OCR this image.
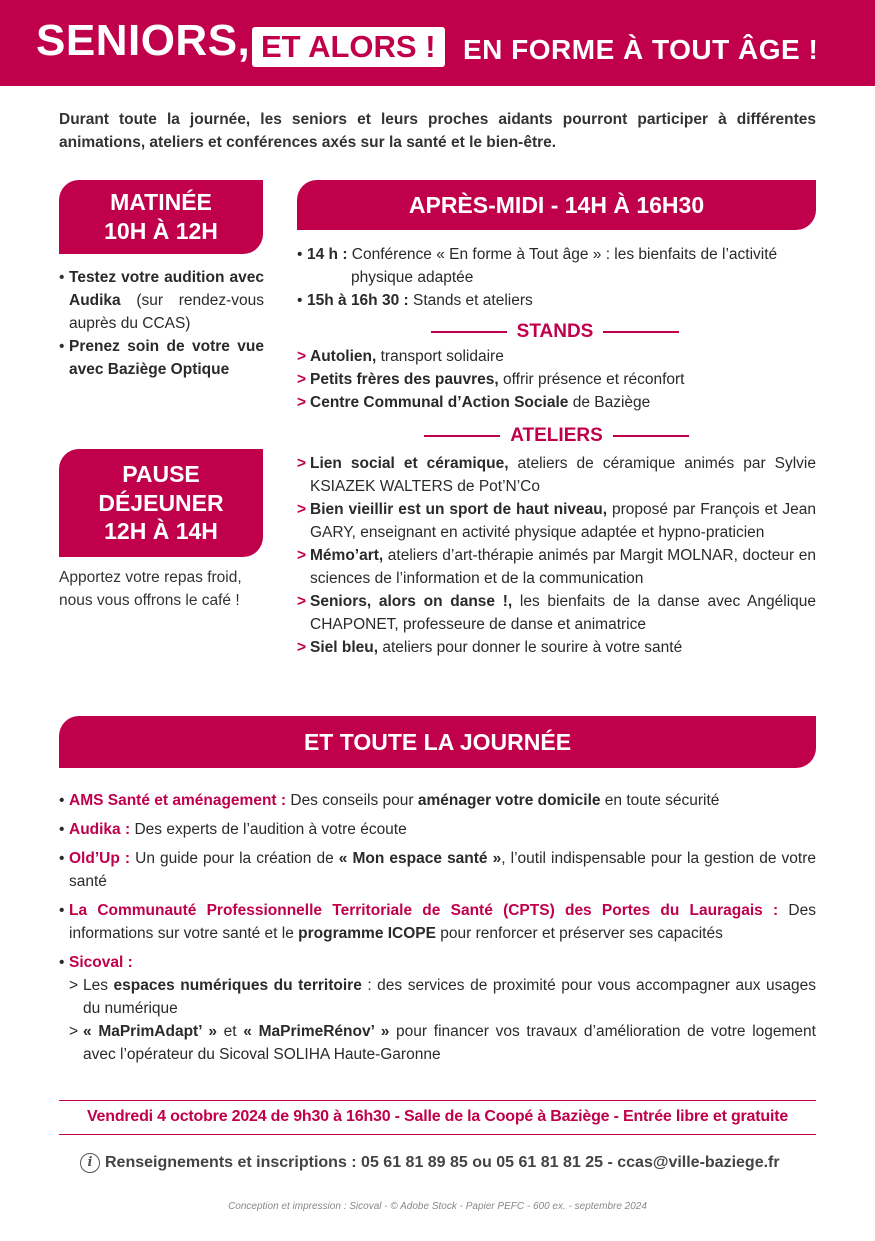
SENIORS, ET ALORS ! EN FORME À TOUT ÂGE !

Durant toute la journée, les seniors et leurs proches aidants pourront participer à différentes animations, ateliers et conférences axés sur la santé et le bien-être.

MATINÉE
10H À 12H
• Testez votre audition avec Audika (sur rendez-vous auprès du CCAS)
• Prenez soin de votre vue avec Baziège Optique
PAUSE
DÉJEUNER
12H À 14H

Apportez votre repas froid, nous vous offrons le café !

APRÈS-MIDI - 14H À 16H30
• 14 h : Conférence « En forme à Tout âge » : les bienfaits de l’activité physique adaptée
• 15h à 16h 30 : Stands et ateliers
STANDS
> Autolien, transport solidaire
> Petits frères des pauvres, offrir présence et réconfort
> Centre Communal d’Action Sociale de Baziège
ATELIERS
> Lien social et céramique, ateliers de céramique animés par Sylvie KSIAZEK WALTERS de Pot’N’Co
> Bien vieillir est un sport de haut niveau, proposé par François et Jean GARY, enseignant en activité physique adaptée et hypno-praticien
> Mémo’art, ateliers d’art-thérapie animés par Margit MOLNAR, docteur en sciences de l’information et de la communication
> Seniors, alors on danse !, les bienfaits de la danse avec Angélique CHAPONET, professeure de danse et animatrice
> Siel bleu, ateliers pour donner le sourire à votre santé
ET TOUTE LA JOURNÉE
• AMS Santé et aménagement : Des conseils pour aménager votre domicile en toute sécurité
• Audika : Des experts de l’audition à votre écoute
• Old’Up : Un guide pour la création de « Mon espace santé », l’outil indispensable pour la gestion de votre santé
• La Communauté Professionnelle Territoriale de Santé (CPTS) des Portes du Lauragais : Des informations sur votre santé et le programme ICOPE pour renforcer et préserver ses capacités
• Sicoval :
> Les espaces numériques du territoire : des services de proximité pour vous accompagner aux usages du numérique
> « MaPrimAdapt’ » et « MaPrimeRénov’ » pour financer vos travaux d’amélioration de votre logement avec l’opérateur du Sicoval SOLIHA Haute-Garonne
Vendredi 4 octobre 2024 de 9h30 à 16h30 - Salle de la Coopé à Baziège - Entrée libre et gratuite
i Renseignements et inscriptions : 05 61 81 89 85 ou 05 61 81 81 25 - ccas@ville-baziege.fr
Conception et impression : Sicoval - © Adobe Stock - Papier PEFC - 600 ex. - septembre 2024
